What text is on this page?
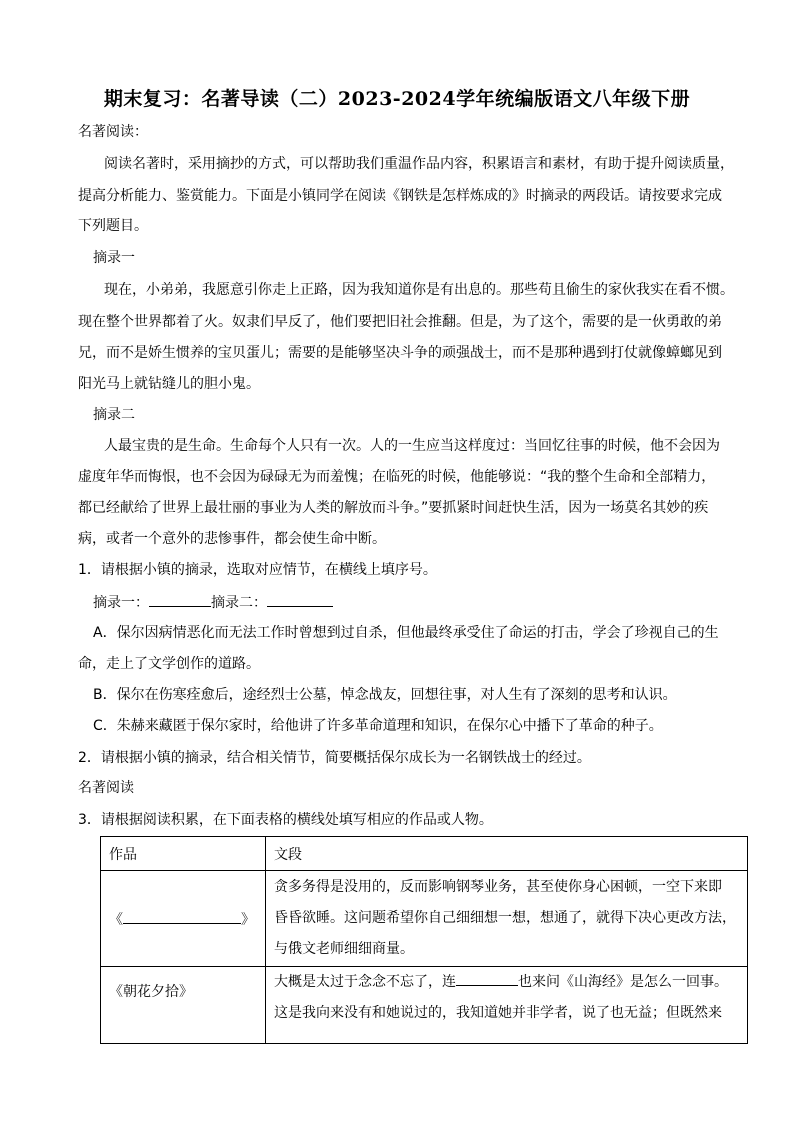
期末复习：名著导读（二）2023-2024学年统编版语文八年级下册
名著阅读：
阅读名著时，采用摘抄的方式，可以帮助我们重温作品内容，积累语言和素材，有助于提升阅读质量，
提高分析能力、鉴赏能力。下面是小镇同学在阅读《钢铁是怎样炼成的》时摘录的两段话。请按要求完成
下列题目。
摘录一
现在，小弟弟，我愿意引你走上正路，因为我知道你是有出息的。那些苟且偷生的家伙我实在看不惯。
现在整个世界都着了火。奴隶们早反了，他们要把旧社会推翻。但是，为了这个，需要的是一伙勇敢的弟
兄，而不是娇生惯养的宝贝蛋儿；需要的是能够坚决斗争的顽强战士，而不是那种遇到打仗就像蟑螂见到
阳光马上就钻缝儿的胆小鬼。
摘录二
人最宝贵的是生命。生命每个人只有一次。人的一生应当这样度过：当回忆往事的时候，他不会因为
虚度年华而悔恨，也不会因为碌碌无为而羞愧；在临死的时候，他能够说：“我的整个生命和全部精力，
都已经献给了世界上最壮丽的事业为人类的解放而斗争。”要抓紧时间赶快生活，因为一场莫名其妙的疾
病，或者一个意外的悲惨事件，都会使生命中断。
1．请根据小镇的摘录，选取对应情节，在横线上填序号。
摘录一：	摘录二：
A．保尔因病情恶化而无法工作时曾想到过自杀，但他最终承受住了命运的打击，学会了珍视自己的生
命，走上了文学创作的道路。
B．保尔在伤寒痊愈后，途经烈士公墓，悼念战友，回想往事，对人生有了深刻的思考和认识。
C．朱赫来藏匿于保尔家时，给他讲了许多革命道理和知识，在保尔心中播下了革命的种子。
2．请根据小镇的摘录，结合相关情节，简要概括保尔成长为一名钢铁战士的经过。
名著阅读
3．请根据阅读积累，在下面表格的横线处填写相应的作品或人物。
作品	文段
《 》	贪多务得是没用的，反而影响钢琴业务，甚至使你身心困顿，一空下来即
昏昏欲睡。这问题希望你自己细细想一想，想通了，就得下决心更改方法，
与俄文老师细细商量。

《朝花夕拾》	大概是太过于念念不忘了，连 也来问《山海经》是怎么一回事。
这是我向来没有和她说过的，我知道她并非学者，说了也无益；但既然来
